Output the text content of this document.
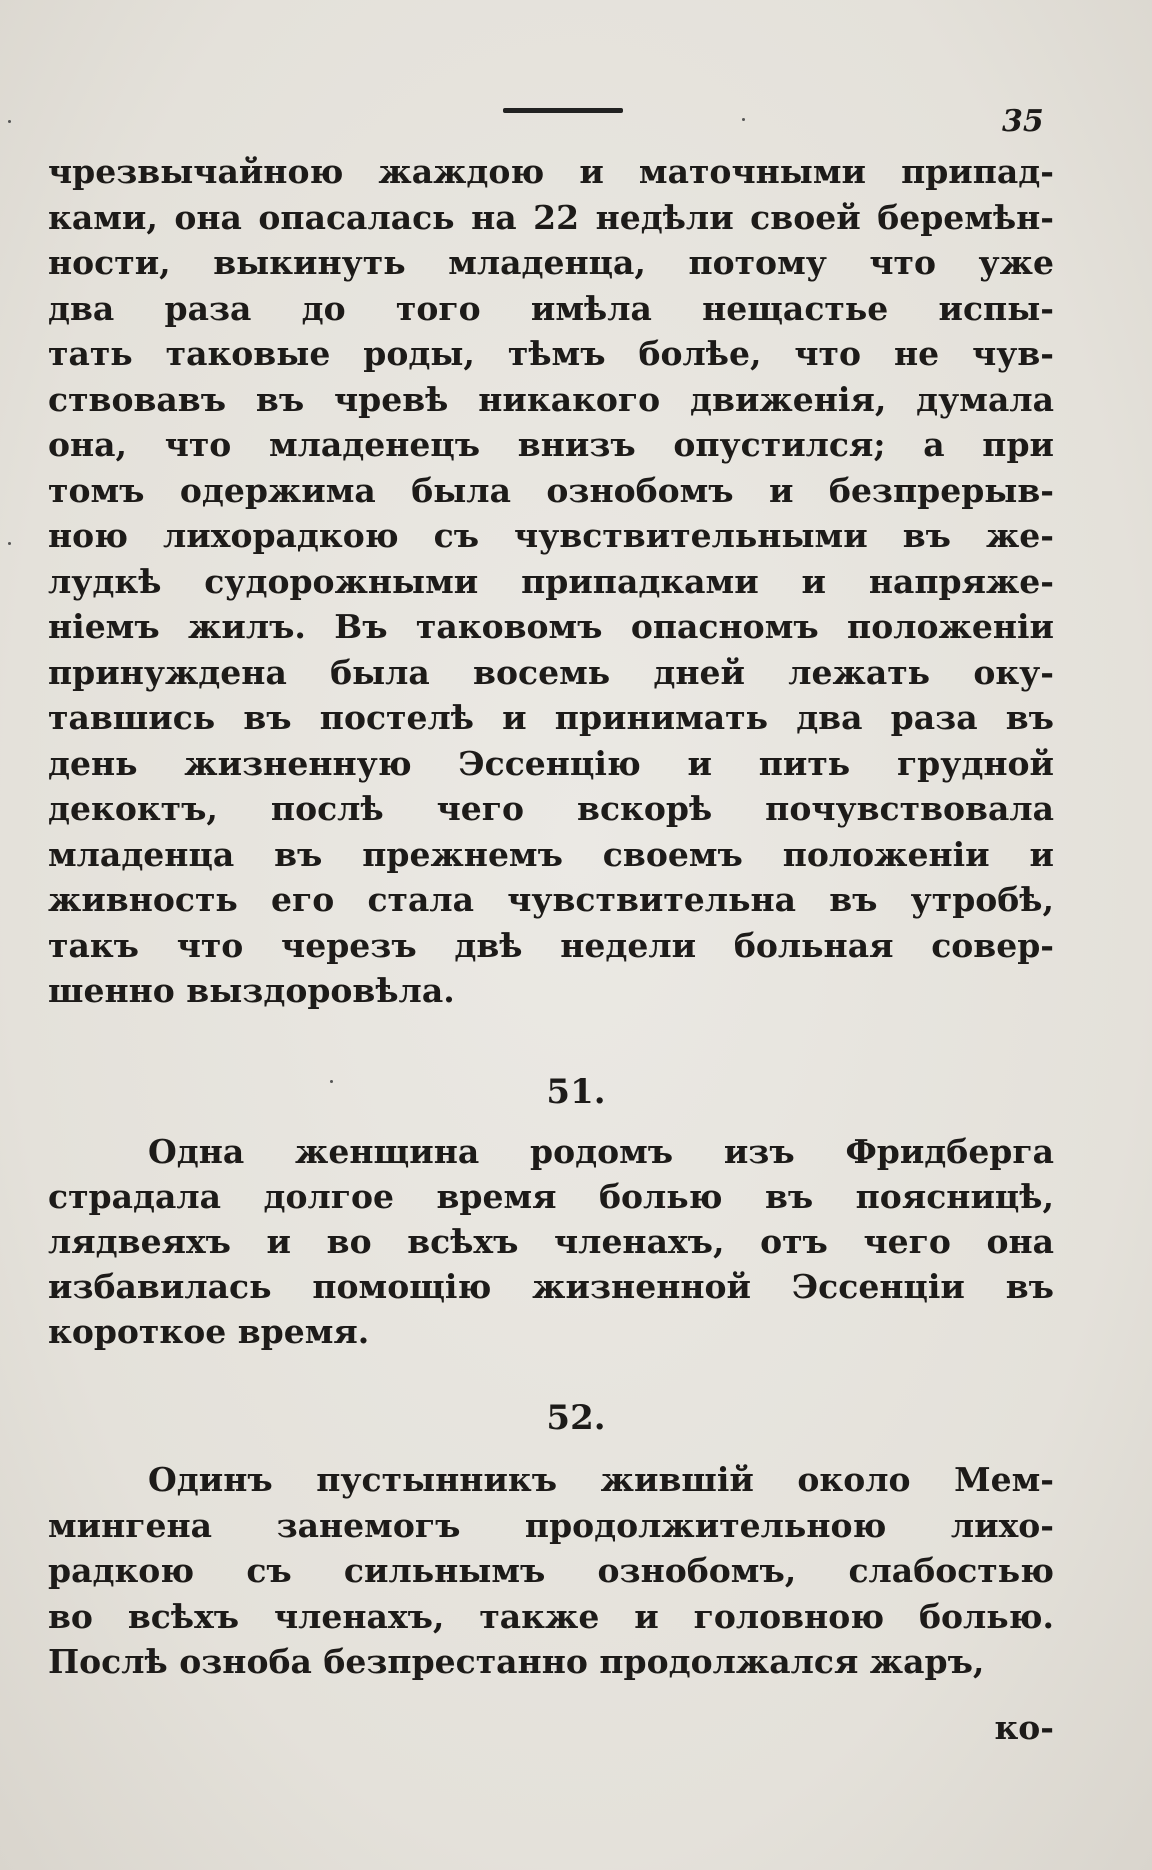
35
чрезвычайною жаждою и маточными припад-
ками, она опасалась на 22 недѣли своей беремѣн-
ности, выкинуть младенца, потому что уже
два раза до того имѣла нещастье испы-
тать таковые роды, тѣмъ болѣе, что не чув-
ствовавъ въ чревѣ никакого движенія, думала
она, что младенецъ внизъ опустился; а при
томъ одержима была ознобомъ и безпрерыв-
ною лихорадкою съ чувствительными въ же-
лудкѣ судорожными припадками и напряже-
ніемъ жилъ. Въ таковомъ опасномъ положеніи
принуждена была восемь дней лежать оку-
тавшись въ постелѣ и принимать два раза въ
день жизненную Эссенцію и пить грудной
декоктъ, послѣ чего вскорѣ почувствовала
младенца въ прежнемъ своемъ положеніи и
живность его стала чувствительна въ утробѣ,
такъ что черезъ двѣ недели больная совер-
шенно выздоровѣла.
51.
Одна женщина родомъ изъ Фридберга
страдала долгое время болью въ поясницѣ,
лядвеяхъ и во всѣхъ членахъ, отъ чего она
избавилась помощію жизненной Эссенціи въ
короткое время.
52.
Одинъ пустынникъ жившій около Мем-
мингена занемогъ продолжительною лихо-
радкою съ сильнымъ ознобомъ, слабостью
во всѣхъ членахъ, также и головною болью.
Послѣ озноба безпрестанно продолжался жаръ,
ко-
